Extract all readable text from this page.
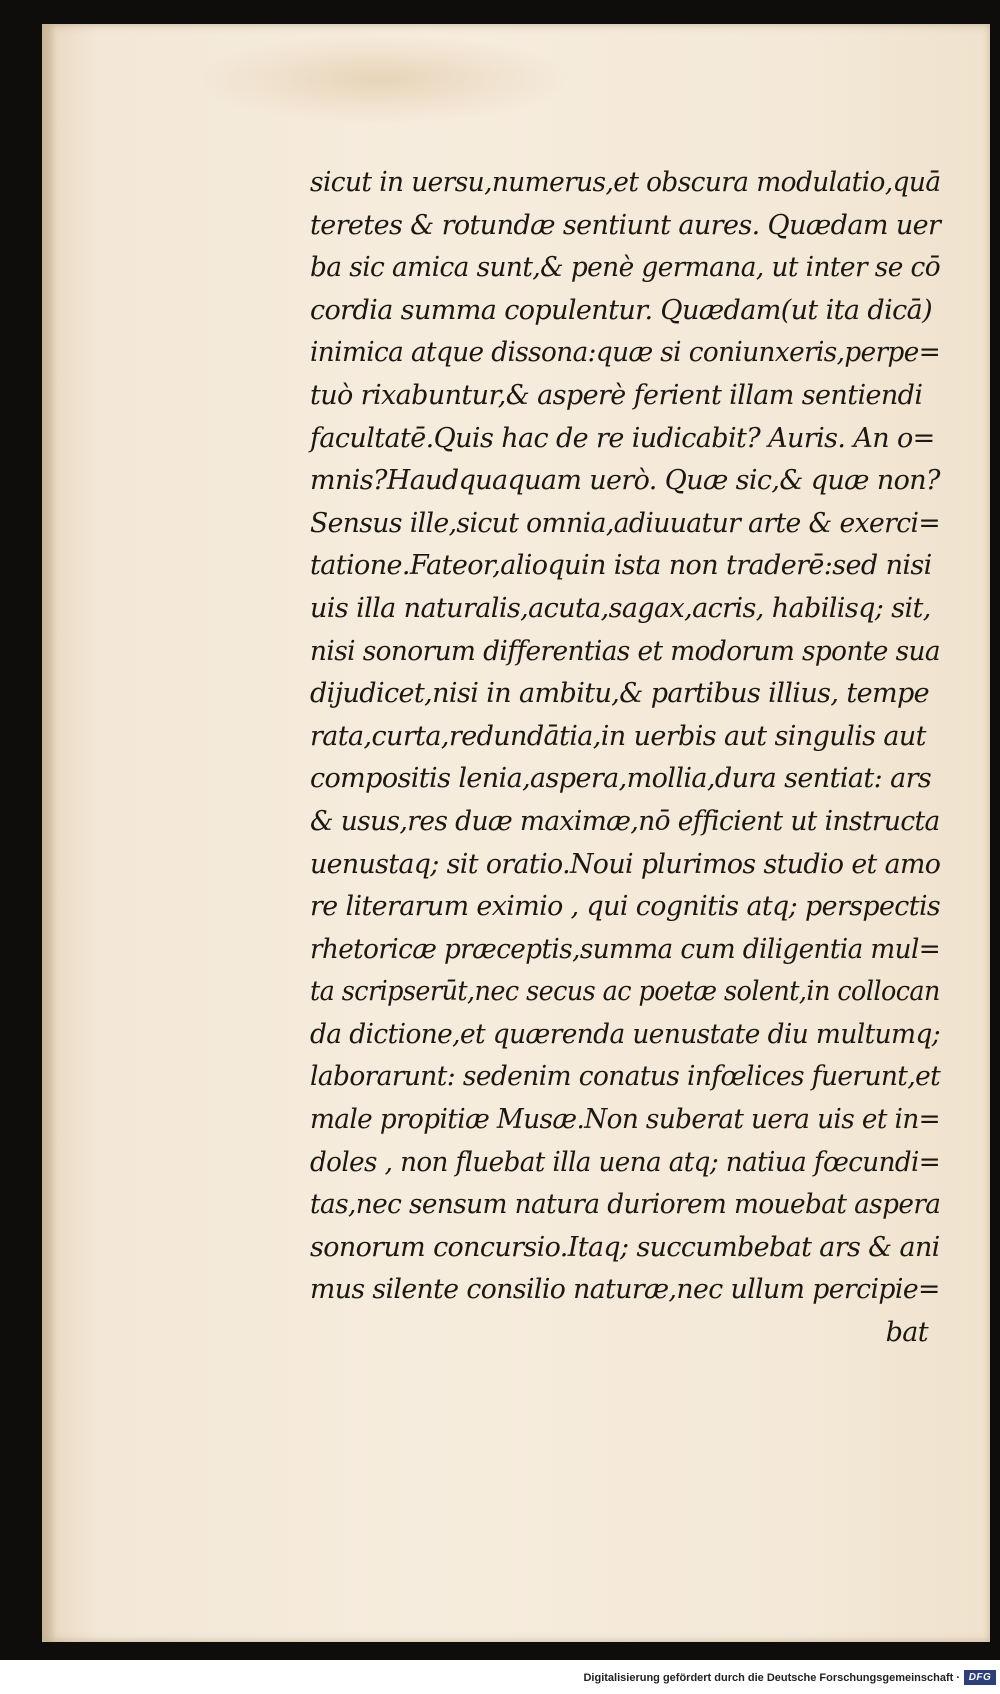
sicut in uersu,numerus,et obscura modulatio,quā
teretes & rotundæ sentiunt aures. Quædam uer
ba sic amica sunt,& penè germana, ut inter se cō
cordia summa copulentur. Quædam(ut ita dicā)
inimica atque dissona:quæ si coniunxeris,perpe=
tuò rixabuntur,& asperè ferient illam sentiendi
facultatē.Quis hac de re iudicabit? Auris. An o=
mnis?Haudquaquam uerò. Quæ sic,& quæ non?
Sensus ille,sicut omnia,adiuuatur arte & exerci=
tatione.Fateor,alioquin ista non traderē:sed nisi
uis illa naturalis,acuta,sagax,acris, habilisq; sit,
nisi sonorum differentias et modorum sponte sua
dijudicet,nisi in ambitu,& partibus illius, tempe
rata,curta,redundātia,in uerbis aut singulis aut
compositis lenia,aspera,mollia,dura sentiat: ars
& usus,res duæ maximæ,nō efficient ut instructa
uenustaq; sit oratio.Noui plurimos studio et amo
re literarum eximio , qui cognitis atq; perspectis
rhetoricæ præceptis,summa cum diligentia mul=
ta scripserūt,nec secus ac poetæ solent,in collocan
da dictione,et quærenda uenustate diu multumq;
laborarunt: sedenim conatus infœlices fuerunt,et
male propitiæ Musæ.Non suberat uera uis et in=
doles , non fluebat illa uena atq; natiua fœcundi=
tas,nec sensum natura duriorem mouebat aspera
sonorum concursio.Itaq; succumbebat ars & ani
mus silente consilio naturæ,nec ullum percipie=
bat
Digitalisierung gefördert durch die Deutsche Forschungsgemeinschaft · DFG
